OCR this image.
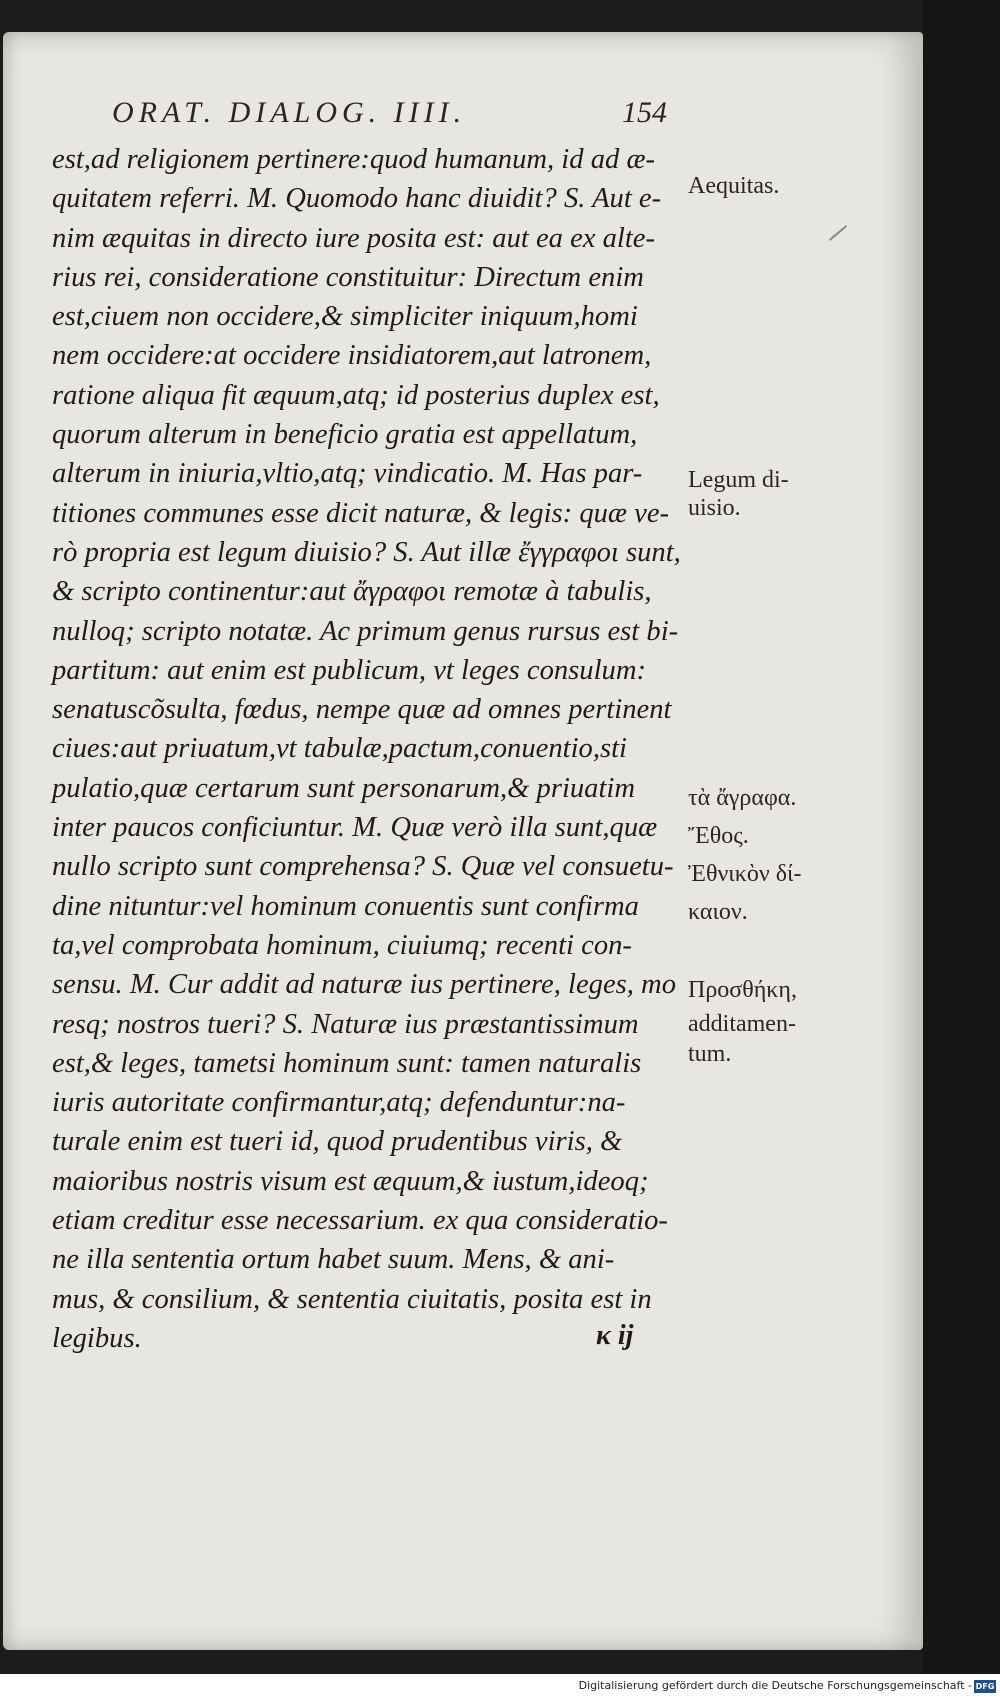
ORAT. DIALOG. IIII.	154
est,ad religionem pertinere:quod humanum, id ad æ-
quitatem referri. M. Quomodo hanc diuidit? S. Aut e-
nim æquitas in directo iure posita est: aut ea ex alte-
rius rei, consideratione constituitur: Directum enim
est,ciuem non occidere,& simpliciter iniquum,homi
nem occidere:at occidere insidiatorem,aut latronem,
ratione aliqua fit æquum,atq; id posterius duplex est,
quorum alterum in beneficio gratia est appellatum,
alterum in iniuria,vltio,atq; vindicatio. M. Has par-
titiones communes esse dicit naturæ, & legis: quæ ve-
rò propria est legum diuisio? S. Aut illæ ἔγγραφοι sunt,
& scripto continentur:aut ἄγραφοι remotæ à tabulis,
nulloq; scripto notatæ. Ac primum genus rursus est bi-
partitum: aut enim est publicum, vt leges consulum:
senatuscõsulta, fœdus, nempe quæ ad omnes pertinent
ciues:aut priuatum,vt tabulæ,pactum,conuentio,sti
pulatio,quæ certarum sunt personarum,& priuatim
inter paucos conficiuntur. M. Quæ verò illa sunt,quæ
nullo scripto sunt comprehensa? S. Quæ vel consuetu-
dine nituntur:vel hominum conuentis sunt confirma
ta,vel comprobata hominum, ciuiumq; recenti con-
sensu. M. Cur addit ad naturæ ius pertinere, leges, mo
resq; nostros tueri? S. Naturæ ius præstantissimum
est,& leges, tametsi hominum sunt: tamen naturalis
iuris autoritate confirmantur,atq; defenduntur:na-
turale enim est tueri id, quod prudentibus viris, &
maioribus nostris visum est æquum,& iustum,ideoq;
etiam creditur esse necessarium. ex qua consideratio-
ne illa sententia ortum habet suum. Mens, & ani-
mus, & consilium, & sententia ciuitatis, posita est in
legibus.
Aequitas.
Legum di-
uisio.
τὰ ἄγραφα.
Ἔθος.
Ἐθνικὸν δί-
καιον.
Προσθήκη,
additamen-
tum.
κ ij
Digitalisierung gefördert durch die Deutsche Forschungsgemeinschaft - DFG
